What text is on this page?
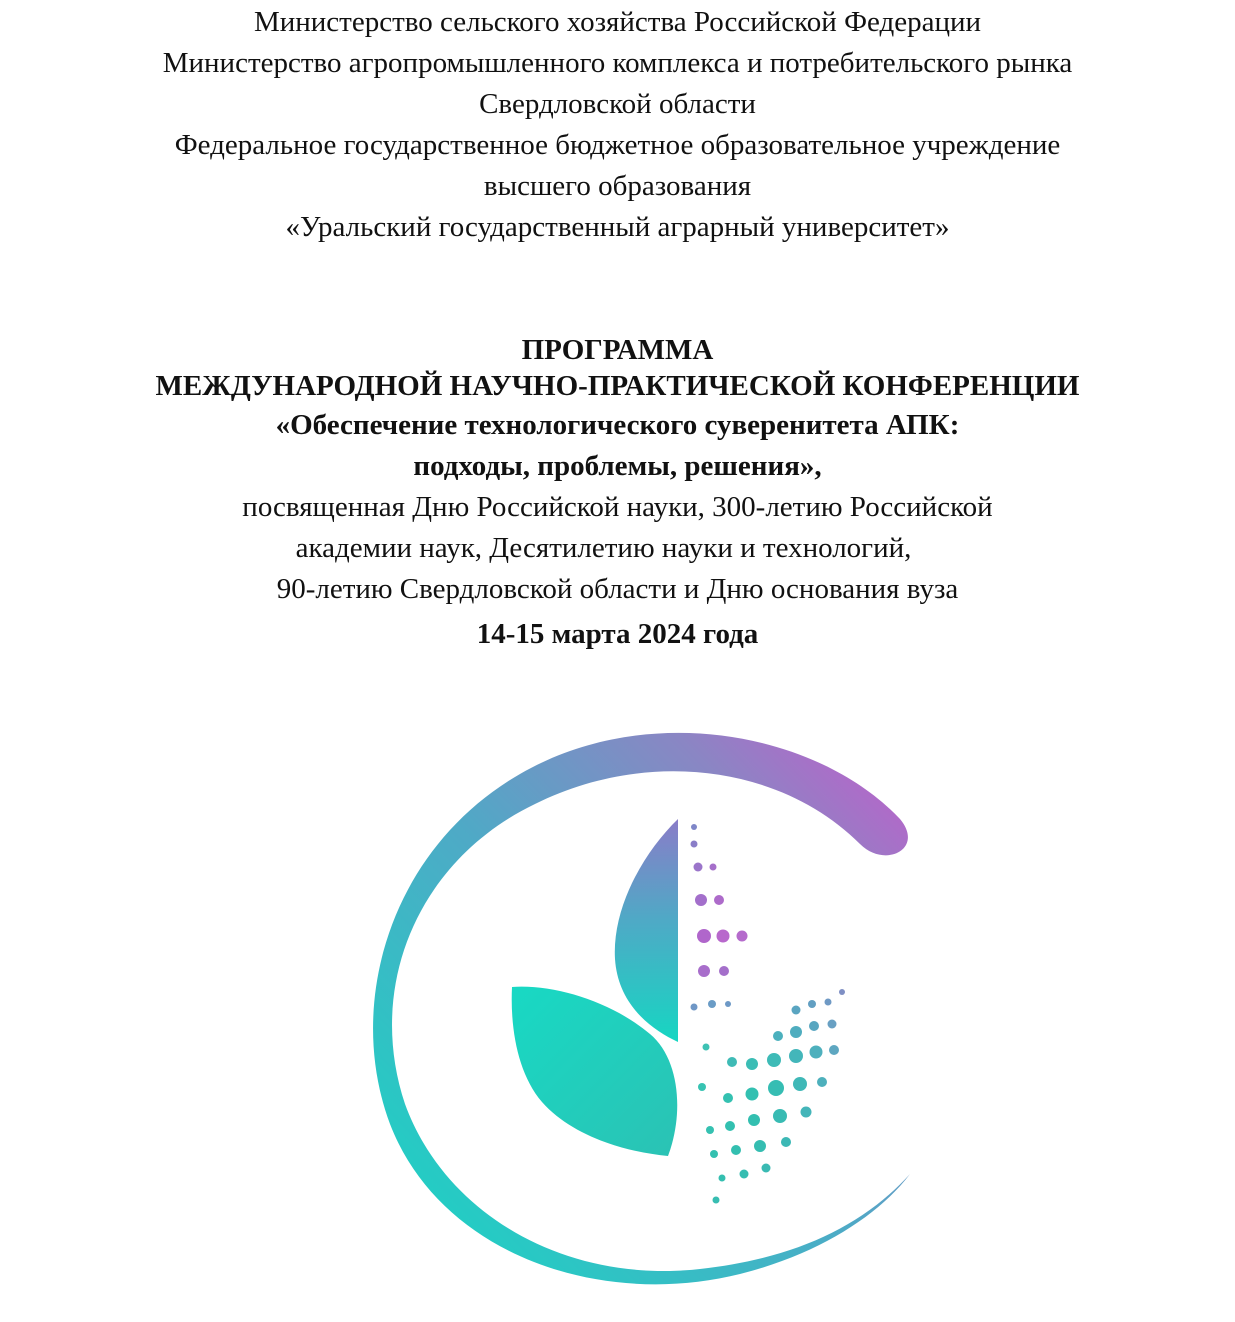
Министерство сельского хозяйства Российской Федерации
Министерство агропромышленного комплекса и потребительского рынка
Свердловской области
Федеральное государственное бюджетное образовательное учреждение
высшего образования
«Уральский государственный аграрный университет»
ПРОГРАММА
МЕЖДУНАРОДНОЙ НАУЧНО-ПРАКТИЧЕСКОЙ КОНФЕРЕНЦИИ
«Обеспечение технологического суверенитета АПК:
подходы, проблемы, решения»,
посвященная Дню Российской науки, 300-летию Российской
академии наук, Десятилетию науки и технологий,
90-летию Свердловской области и Дню основания вуза
14-15 марта 2024 года
